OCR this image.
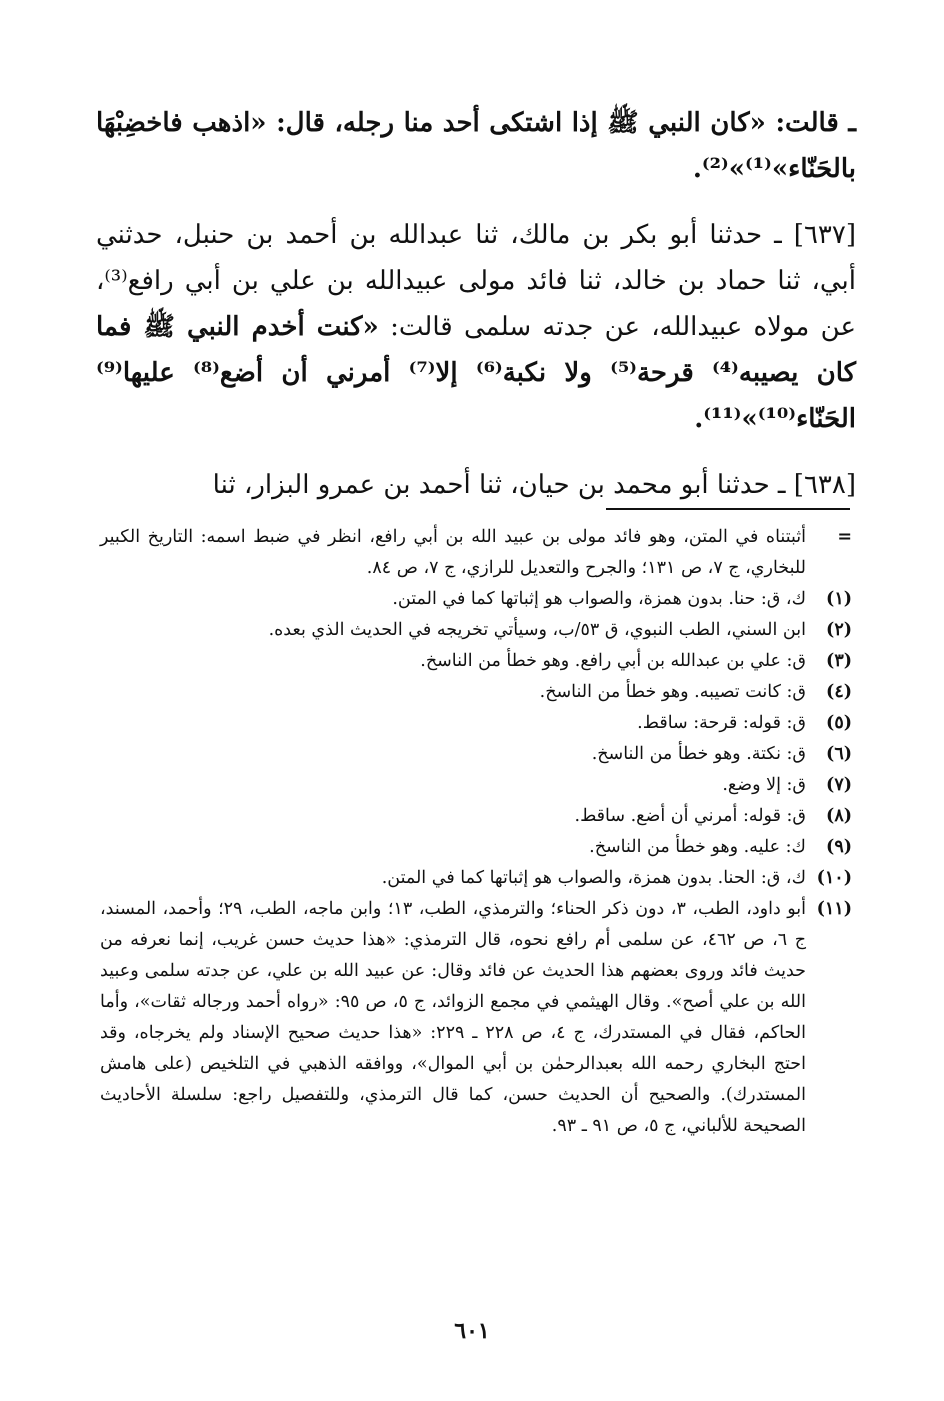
ـ قالت: «كان النبي ﷺ إذا اشتكى أحد منا رجله، قال: «اذهب فاخضِبْهَا بالحَنّاء»⁽¹⁾»⁽²⁾.

[٦٣٧] ـ حدثنا أبو بكر بن مالك، ثنا عبدالله بن أحمد بن حنبل، حدثني أبي، ثنا حماد بن خالد، ثنا فائد مولى عبيدالله بن علي بن أبي رافع⁽³⁾، عن مولاه عبيدالله، عن جدته سلمى قالت: «كنت أخدم النبي ﷺ فما كان يصيبه⁽⁴⁾ قرحة⁽⁵⁾ ولا نكبة⁽⁶⁾ إلا⁽⁷⁾ أمرني أن أضع⁽⁸⁾ عليها⁽⁹⁾ الحَنّاء⁽¹⁰⁾»⁽¹¹⁾.

[٦٣٨] ـ حدثنا أبو محمد بن حيان، ثنا أحمد بن عمرو البزار، ثنا

=
أثبتناه في المتن، وهو فائد مولى بن عبيد الله بن أبي رافع، انظر في ضبط اسمه: التاريخ الكبير للبخاري، ج ٧، ص ١٣١؛ والجرح والتعديل للرازي، ج ٧، ص ٨٤.
(١)
ك، ق: حنا. بدون همزة، والصواب هو إثباتها كما في المتن.
(٢)
ابن السني، الطب النبوي، ق ٥٣/ب، وسيأتي تخريجه في الحديث الذي بعده.
(٣)
ق: علي بن عبدالله بن أبي رافع. وهو خطأ من الناسخ.
(٤)
ق: كانت تصيبه. وهو خطأ من الناسخ.
(٥)
ق: قوله: قرحة: ساقط.
(٦)
ق: نكتة. وهو خطأ من الناسخ.
(٧)
ق: إلا وضع.
(٨)
ق: قوله: أمرني أن أضع. ساقط.
(٩)
ك: عليه. وهو خطأ من الناسخ.
(١٠)
ك، ق: الحنا. بدون همزة، والصواب هو إثباتها كما في المتن.
(١١)
أبو داود، الطب، ٣، دون ذكر الحناء؛ والترمذي، الطب، ١٣؛ وابن ماجه، الطب، ٢٩؛ وأحمد، المسند، ج ٦، ص ٤٦٢، عن سلمى أم رافع نحوه، قال الترمذي: «هذا حديث حسن غريب، إنما نعرفه من حديث فائد وروى بعضهم هذا الحديث عن فائد وقال: عن عبيد الله بن علي، عن جدته سلمى وعبيد الله بن علي أصح». وقال الهيثمي في مجمع الزوائد، ج ٥، ص ٩٥: «رواه أحمد ورجاله ثقات»، وأما الحاكم، فقال في المستدرك، ج ٤، ص ٢٢٨ ـ ٢٢٩: «هذا حديث صحيح الإسناد ولم يخرجاه، وقد احتج البخاري رحمه الله بعبدالرحمٰن بن أبي الموال»، ووافقه الذهبي في التلخيص (على هامش المستدرك). والصحيح أن الحديث حسن، كما قال الترمذي، وللتفصيل راجع: سلسلة الأحاديث الصحيحة للألباني، ج ٥، ص ٩١ ـ ٩٣.
٦٠١
